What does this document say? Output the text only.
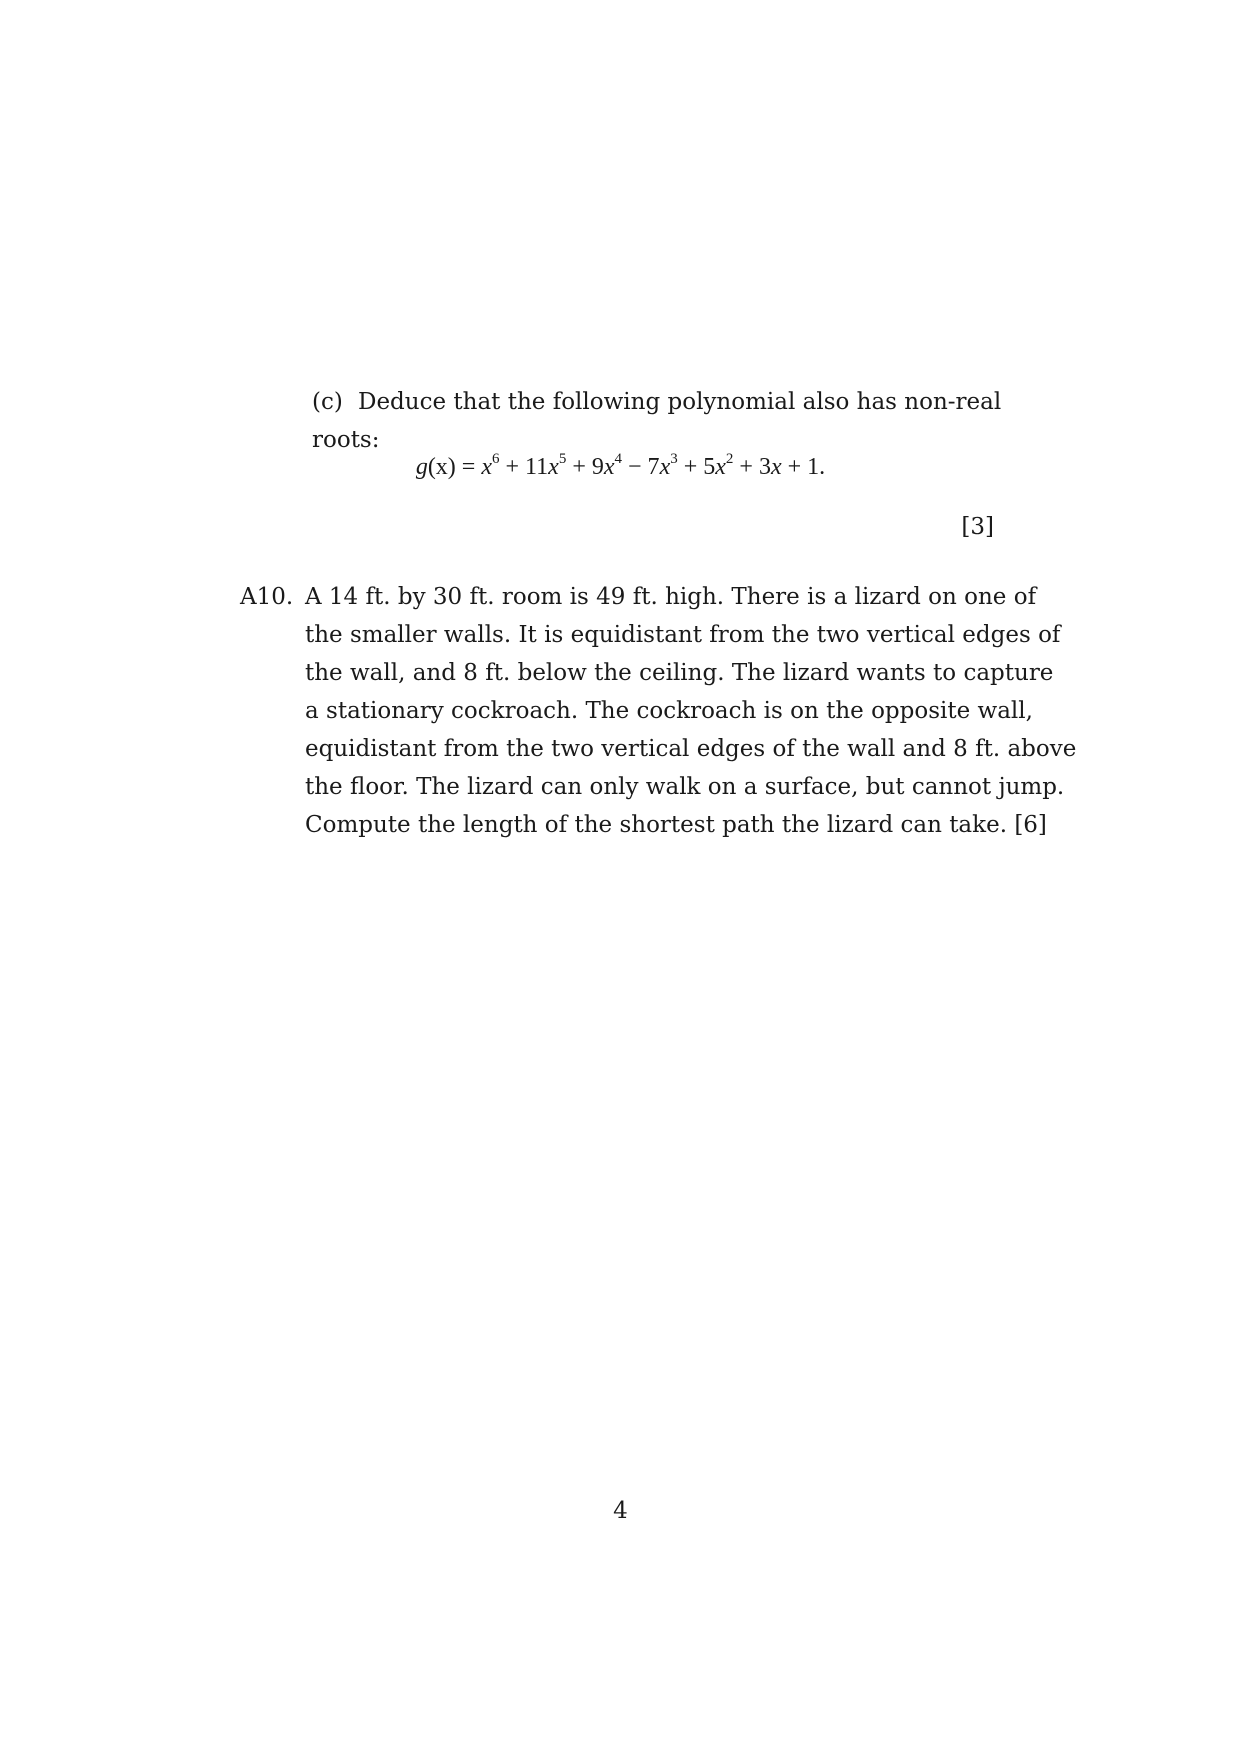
(c) Deduce that the following polynomial also has non-real roots:
$g(x) = x^6 + 11x^5 + 9x^4 - 7x^3 + 5x^2 + 3x + 1$.
[3]
A10. A 14 ft. by 30 ft. room is 49 ft. high. There is a lizard on one of
the smaller walls. It is equidistant from the two vertical edges of
the wall, and 8 ft. below the ceiling. The lizard wants to capture
a stationary cockroach. The cockroach is on the opposite wall,
equidistant from the two vertical edges of the wall and 8 ft. above
the floor. The lizard can only walk on a surface, but cannot jump.
Compute the length of the shortest path the lizard can take. [6]
4
